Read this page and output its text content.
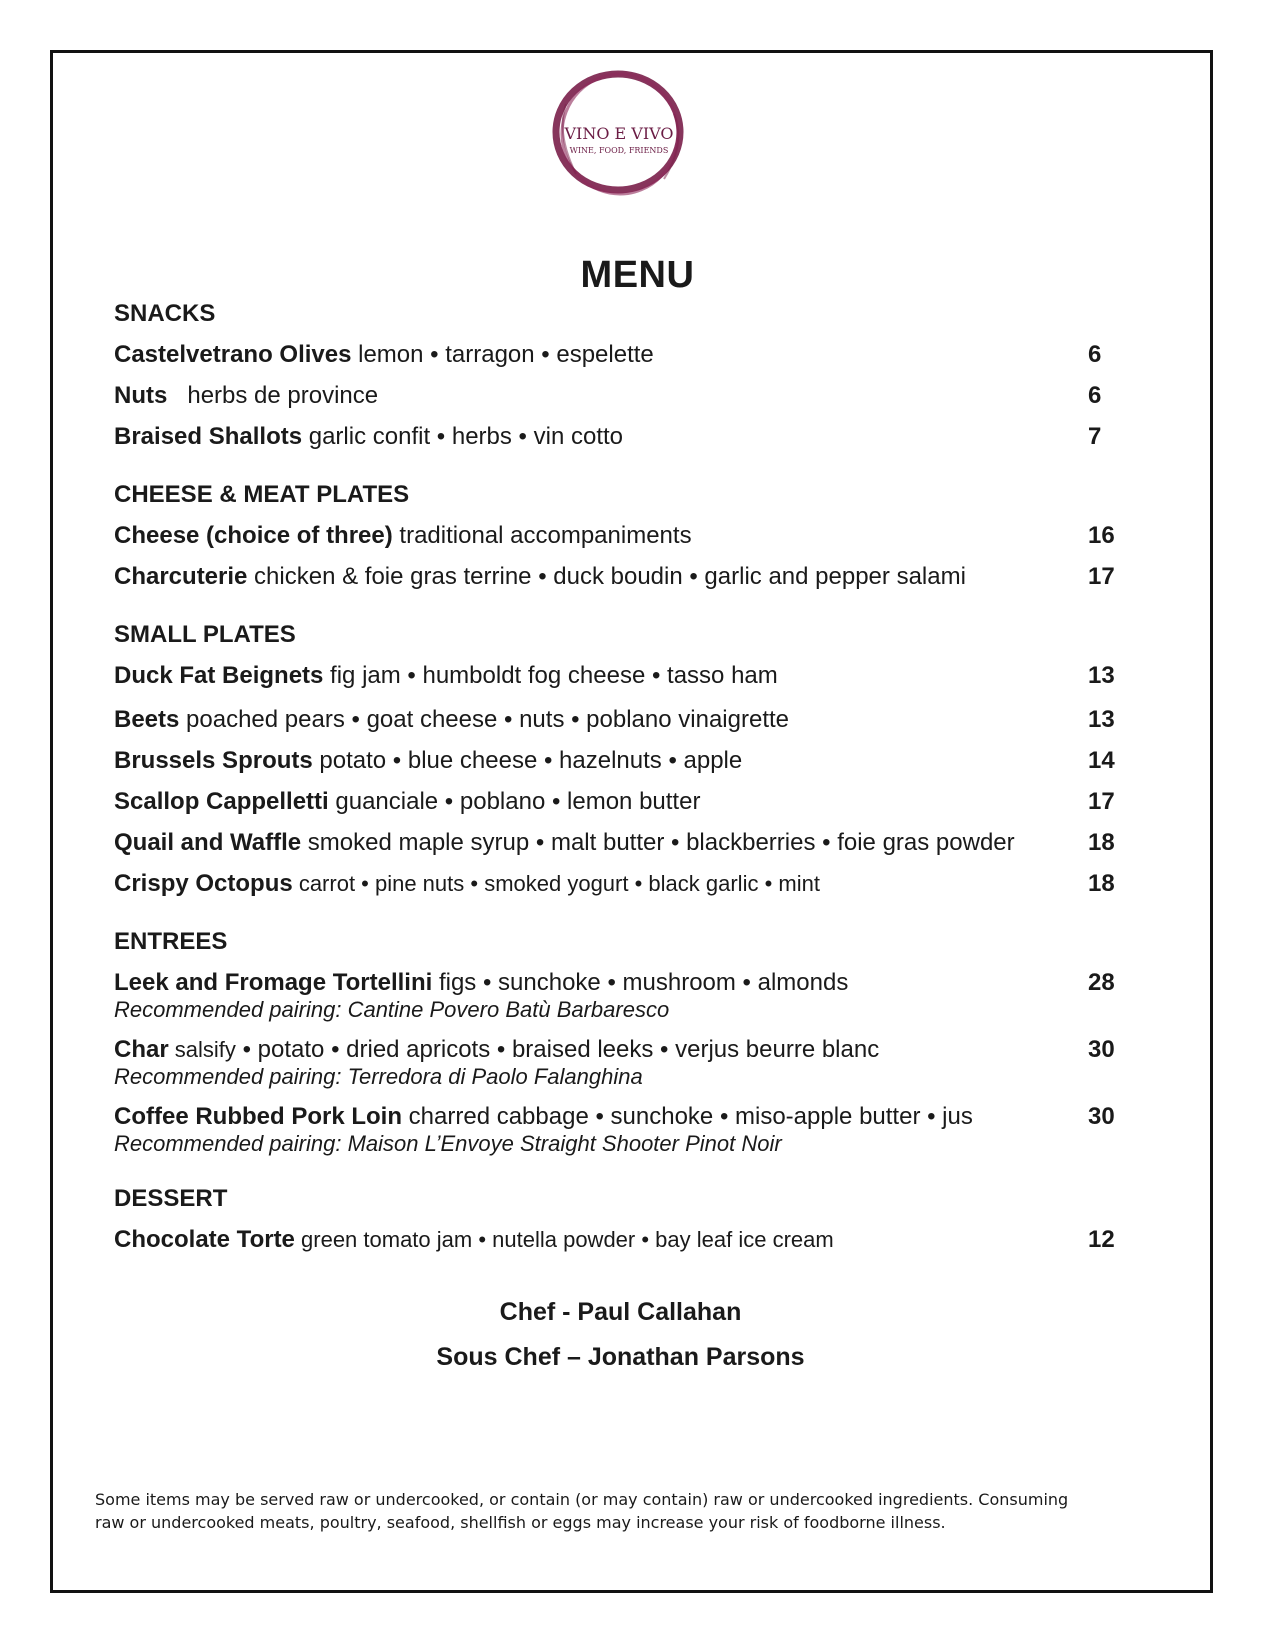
VINO E VIVO
WINE, FOOD, FRIENDS
MENU
SNACKS
Castelvetrano Olives lemon • tarragon • espelette	6
Nuts   herbs de province	6
Braised Shallots garlic confit • herbs • vin cotto	7
CHEESE & MEAT PLATES
Cheese (choice of three) traditional accompaniments	16
Charcuterie chicken & foie gras terrine • duck boudin • garlic and pepper salami	17
SMALL PLATES
Duck Fat Beignets fig jam • humboldt fog cheese • tasso ham	13
Beets poached pears • goat cheese • nuts • poblano vinaigrette	13
Brussels Sprouts potato • blue cheese • hazelnuts • apple	14
Scallop Cappelletti guanciale • poblano • lemon butter	17
Quail and Waffle smoked maple syrup • malt butter • blackberries • foie gras powder	18
Crispy Octopus carrot • pine nuts • smoked yogurt • black garlic • mint	18
ENTREES
Leek and Fromage Tortellini figs • sunchoke • mushroom • almonds	28
Recommended pairing: Cantine Povero Batù Barbaresco
Char salsify • potato • dried apricots • braised leeks • verjus beurre blanc	30
Recommended pairing: Terredora di Paolo Falanghina
Coffee Rubbed Pork Loin charred cabbage • sunchoke • miso-apple butter • jus	30
Recommended pairing: Maison L’Envoye Straight Shooter Pinot Noir
DESSERT
Chocolate Torte green tomato jam • nutella powder • bay leaf ice cream	12
Chef - Paul Callahan
Sous Chef – Jonathan Parsons
Some items may be served raw or undercooked, or contain (or may contain) raw or undercooked ingredients. Consuming raw or undercooked meats, poultry, seafood, shellfish or eggs may increase your risk of foodborne illness.
